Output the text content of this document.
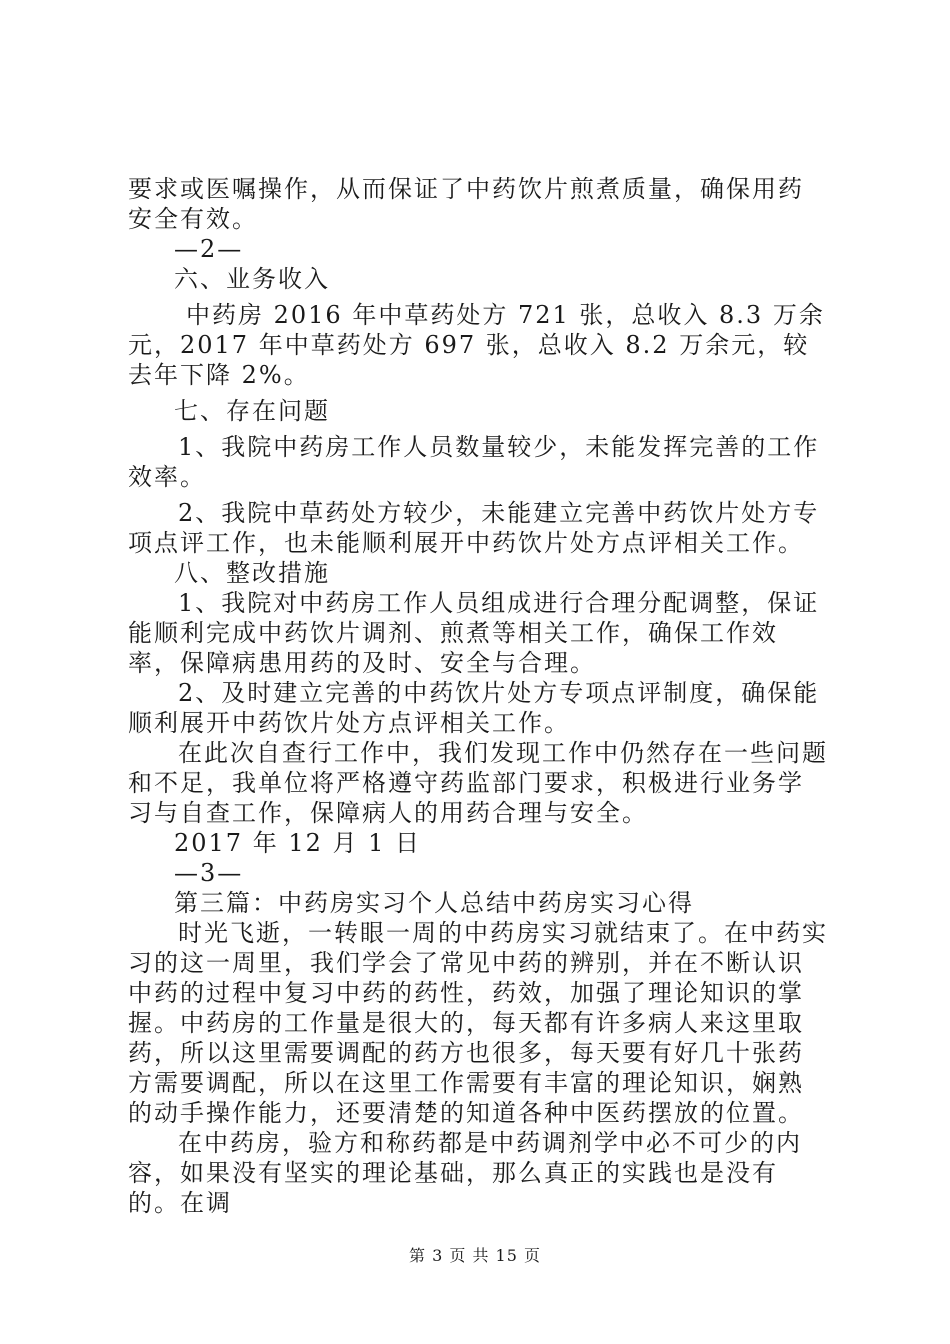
要求或医嘱操作，从而保证了中药饮片煎煮质量，确保用药安全有效。

—2—

六、业务收入

中药房 2016 年中草药处方 721 张，总收入 8.3 万余元，2017 年中草药处方 697 张，总收入 8.2 万余元，较去年下降 2%。

七、存在问题

1、我院中药房工作人员数量较少，未能发挥完善的工作效率。

2、我院中草药处方较少，未能建立完善中药饮片处方专项点评工作，也未能顺利展开中药饮片处方点评相关工作。

八、整改措施

1、我院对中药房工作人员组成进行合理分配调整，保证能顺利完成中药饮片调剂、煎煮等相关工作，确保工作效率，保障病患用药的及时、安全与合理。

2、及时建立完善的中药饮片处方专项点评制度，确保能顺利展开中药饮片处方点评相关工作。

在此次自查行工作中，我们发现工作中仍然存在一些问题和不足，我单位将严格遵守药监部门要求，积极进行业务学习与自查工作，保障病人的用药合理与安全。

2017 年 12 月 1 日

—3—

第三篇：中药房实习个人总结中药房实习心得

时光飞逝，一转眼一周的中药房实习就结束了。在中药实习的这一周里，我们学会了常见中药的辨别，并在不断认识中药的过程中复习中药的药性，药效，加强了理论知识的掌握。中药房的工作量是很大的，每天都有许多病人来这里取药，所以这里需要调配的药方也很多，每天要有好几十张药方需要调配，所以在这里工作需要有丰富的理论知识，娴熟的动手操作能力，还要清楚的知道各种中医药摆放的位置。

在中药房，验方和称药都是中药调剂学中必不可少的内容，如果没有坚实的理论基础，那么真正的实践也是没有的。在调

第 3 页 共 15 页
